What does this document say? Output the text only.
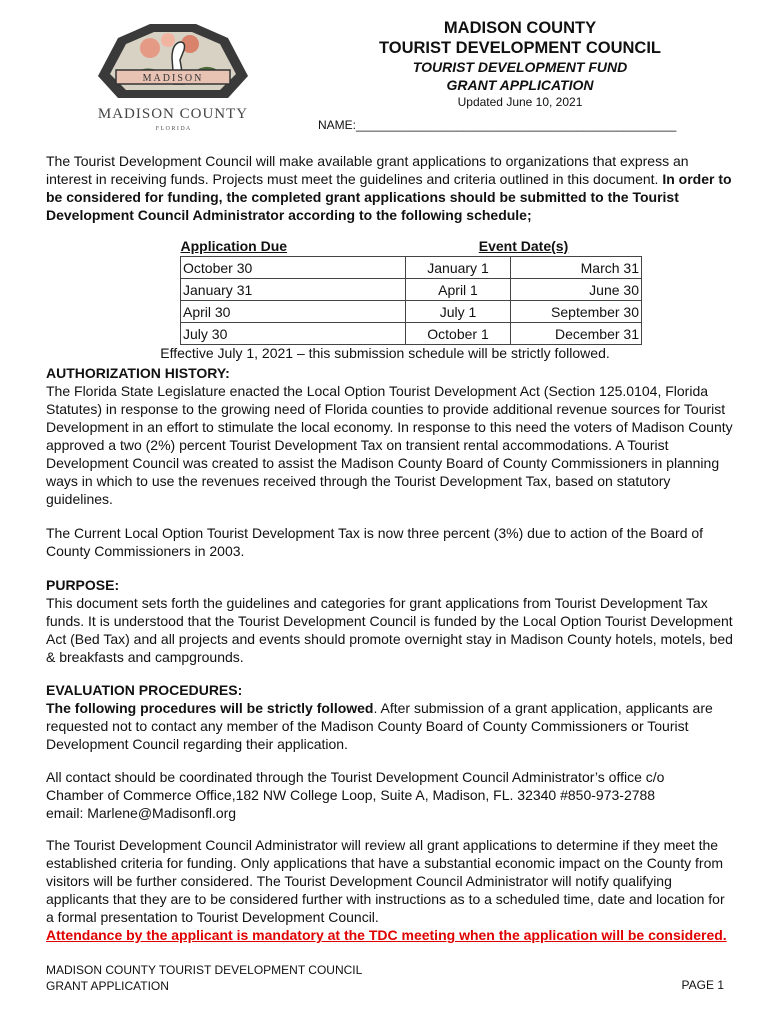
MADISON
MADISON COUNTY
F L O R I D A
MADISON COUNTY
TOURIST DEVELOPMENT COUNCIL
TOURIST DEVELOPMENT FUND
GRANT APPLICATION
Updated June 10, 2021
NAME:________________________________________________
The Tourist Development Council will make available grant applications to organizations that express an interest in receiving funds. Projects must meet the guidelines and criteria outlined in this document. In order to be considered for funding, the completed grant applications should be submitted to the Tourist Development Council Administrator according to the following schedule;
Application Due	Event Date(s)	
October 30	January 1	March 31
January 31	April 1	June 30
April 30	July 1	September 30
July 30	October 1	December 31
Effective July 1, 2021 – this submission schedule will be strictly followed.
AUTHORIZATION HISTORY:
The Florida State Legislature enacted the Local Option Tourist Development Act (Section 125.0104, Florida Statutes) in response to the growing need of Florida counties to provide additional revenue sources for Tourist Development in an effort to stimulate the local economy. In response to this need the voters of Madison County approved a two (2%) percent Tourist Development Tax on transient rental accommodations. A Tourist Development Council was created to assist the Madison County Board of County Commissioners in planning ways in which to use the revenues received through the Tourist Development Tax, based on statutory guidelines.
The Current Local Option Tourist Development Tax is now three percent (3%) due to action of the Board of County Commissioners in 2003.
PURPOSE:
This document sets forth the guidelines and categories for grant applications from Tourist Development Tax funds. It is understood that the Tourist Development Council is funded by the Local Option Tourist Development Act (Bed Tax) and all projects and events should promote overnight stay in Madison County hotels, motels, bed & breakfasts and campgrounds.
EVALUATION PROCEDURES:
The following procedures will be strictly followed. After submission of a grant application, applicants are requested not to contact any member of the Madison County Board of County Commissioners or Tourist Development Council regarding their application.
All contact should be coordinated through the Tourist Development Council Administrator’s office c/o
Chamber of Commerce Office,182 NW College Loop, Suite A, Madison, FL. 32340 #850-973-2788
email: Marlene@Madisonfl.org
The Tourist Development Council Administrator will review all grant applications to determine if they meet the established criteria for funding. Only applications that have a substantial economic impact on the County from visitors will be further considered. The Tourist Development Council Administrator will notify qualifying applicants that they are to be considered further with instructions as to a scheduled time, date and location for a formal presentation to Tourist Development Council.
Attendance by the applicant is mandatory at the TDC meeting when the application will be considered.
MADISON COUNTY TOURIST DEVELOPMENT COUNCIL
GRANT APPLICATION	PAGE 1
